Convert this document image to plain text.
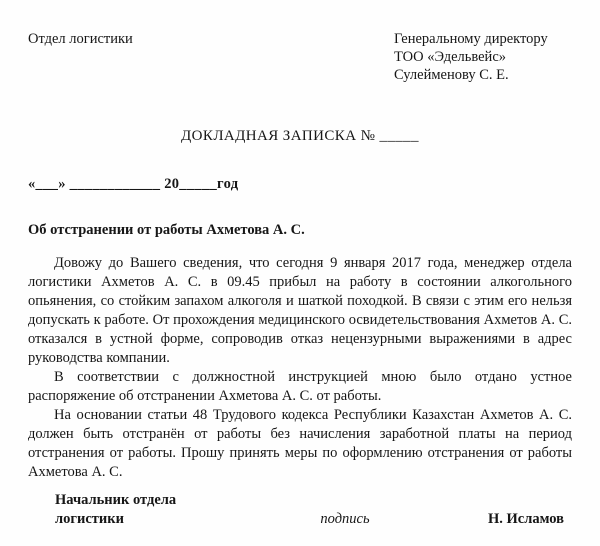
Отдел логистики	Генеральному директору
ТОО «Эдельвейс»
Сулейменову С. Е.
ДОКЛАДНАЯ ЗАПИСКА № _____
«___» ____________ 20_____год
Об отстранении от работы Ахметова А. С.

Довожу до Вашего сведения, что сегодня 9 января 2017 года, менеджер отдела логистики Ахметов А. С. в 09.45 прибыл на работу в состоянии алкогольного опьянения, со стойким запахом алкоголя и шаткой походкой. В связи с этим его нельзя допускать к работе. От прохождения медицинского освидетельствования Ахметов А. С. отказался в устной форме, сопроводив отказ нецензурными выражениями в адрес руководства компании.

В соответствии с должностной инструкцией мною было отдано устное распоряжение об отстранении Ахметова А. С. от работы.

На основании статьи 48 Трудового кодекса Республики Казахстан Ахметов А. С. должен быть отстранён от работы без начисления заработной платы на период отстранения от работы. Прошу принять меры по оформлению отстранения от работы Ахметова А. С.

Начальник отдела
логистики	подпись	Н. Исламов
